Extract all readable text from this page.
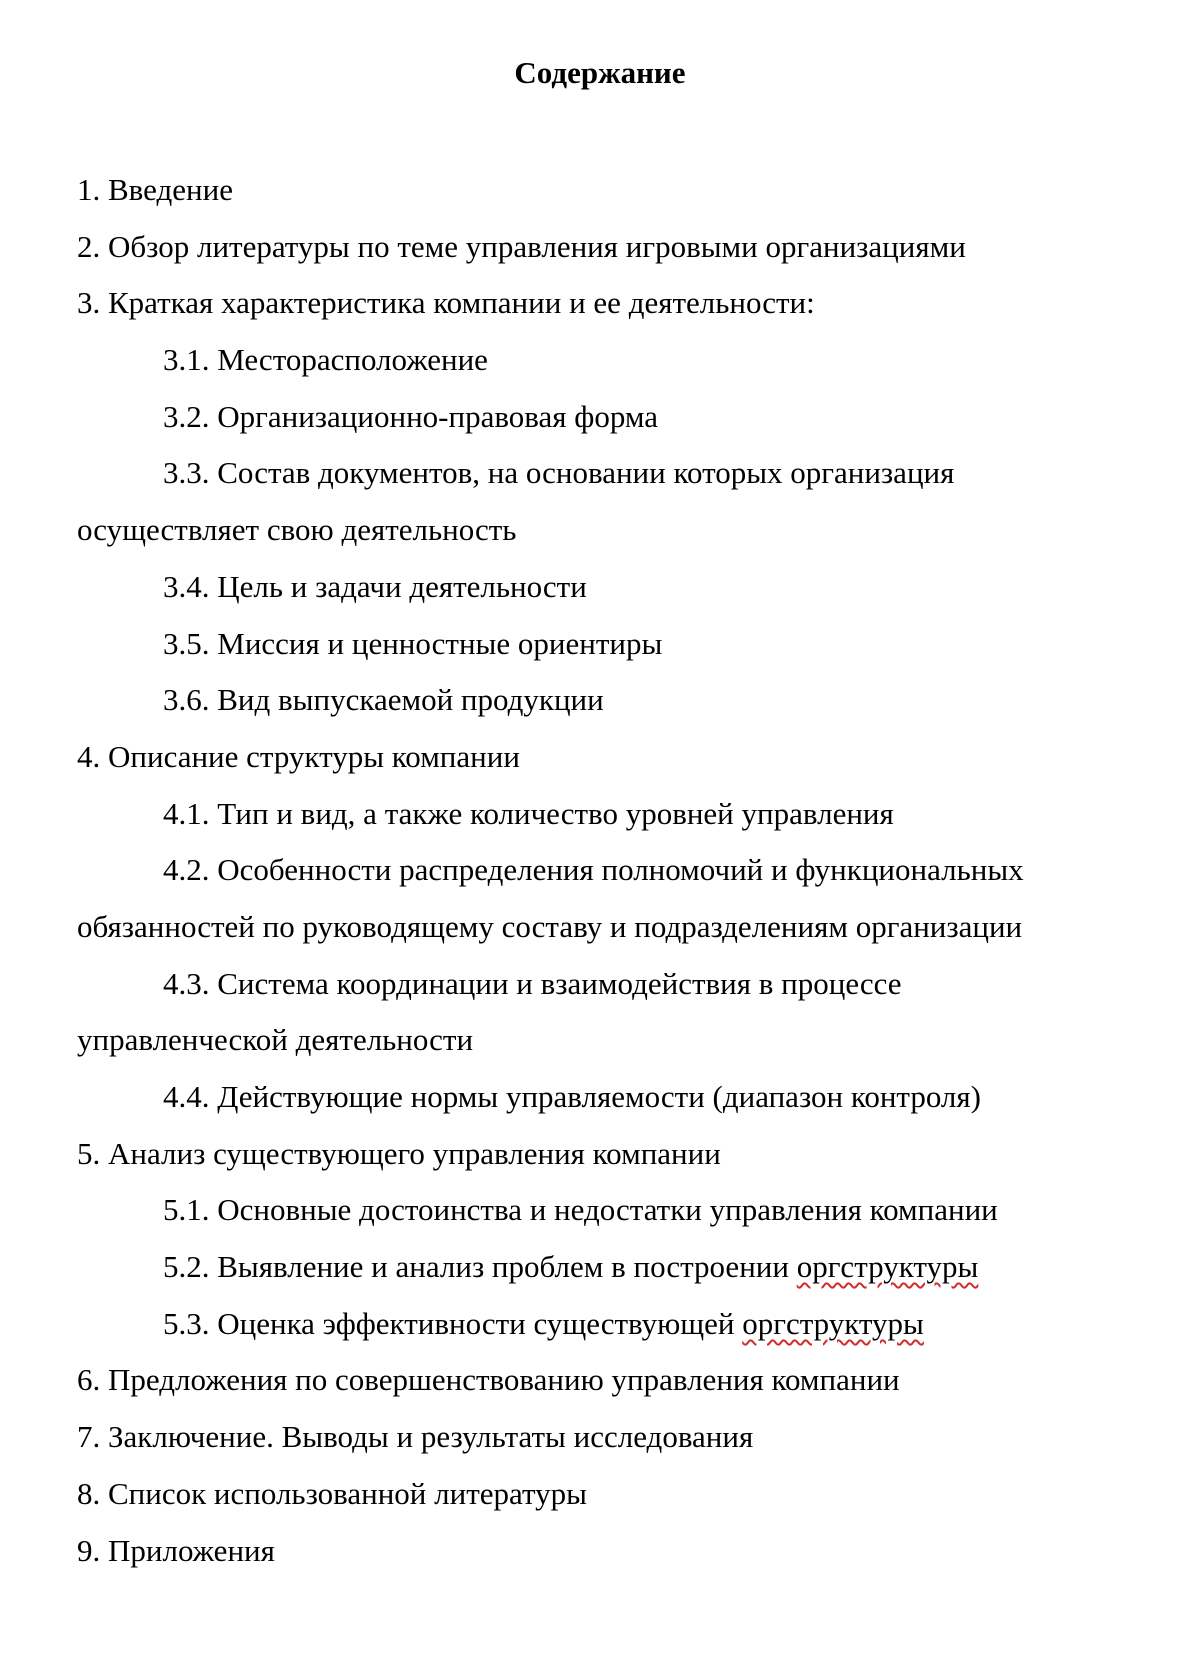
Содержание
1. Введение
2. Обзор литературы по теме управления игровыми организациями
3. Краткая характеристика компании и ее деятельности:
3.1. Месторасположение
3.2. Организационно-правовая форма
3.3. Состав документов, на основании которых организация
осуществляет свою деятельность
3.4. Цель и задачи деятельности
3.5. Миссия и ценностные ориентиры
3.6. Вид выпускаемой продукции
4. Описание структуры компании
4.1. Тип и вид, а также количество уровней управления
4.2. Особенности распределения полномочий и функциональных
обязанностей по руководящему составу и подразделениям организации
4.3. Система координации и взаимодействия в процессе
управленческой деятельности
4.4. Действующие нормы управляемости (диапазон контроля)
5. Анализ существующего управления компании
5.1. Основные достоинства и недостатки управления компании
5.2. Выявление и анализ проблем в построении оргструктуры
5.3. Оценка эффективности существующей оргструктуры
6. Предложения по совершенствованию управления компании
7. Заключение. Выводы и результаты исследования
8. Список использованной литературы
9. Приложения
